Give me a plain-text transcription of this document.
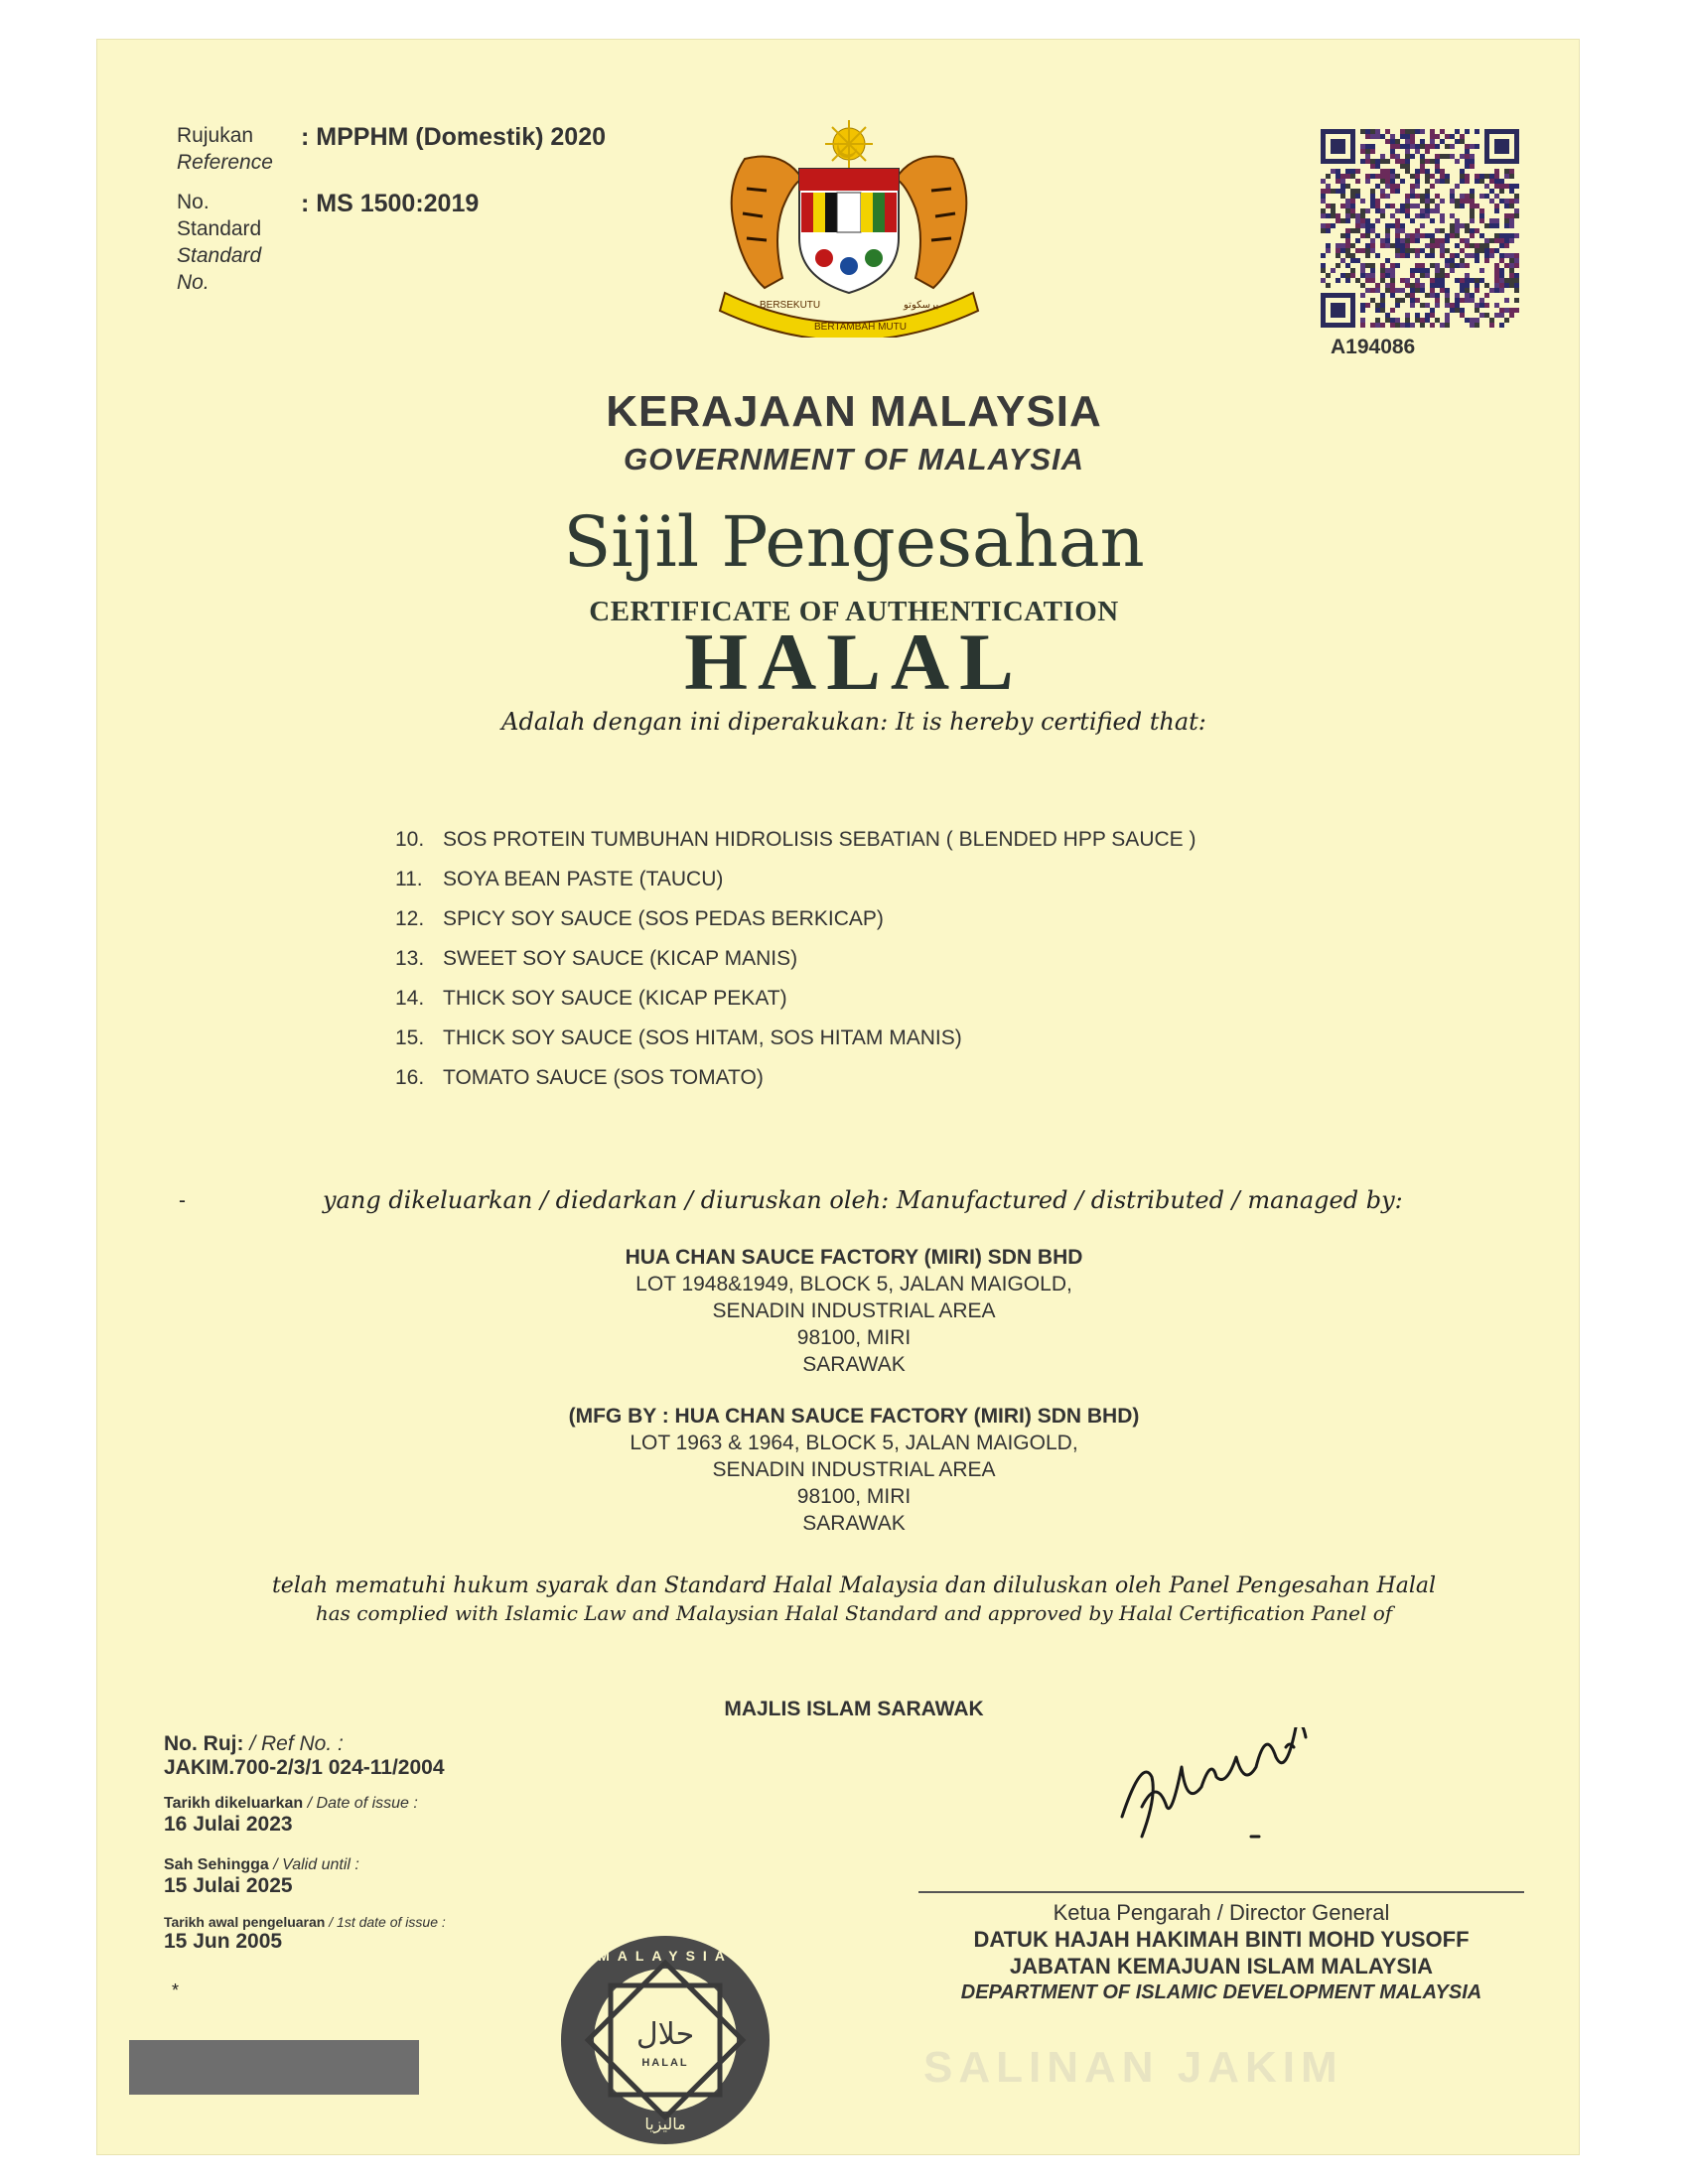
Rujukan
Reference
: MPPHM (Domestik) 2020
No.
Standard
Standard
No.
: MS 1500:2019
BERSEKUTU
BERTAMBAH MUTU
برسکوتو
A194086
KERAJAAN MALAYSIA
GOVERNMENT OF MALAYSIA
Sijil Pengesahan
CERTIFICATE OF AUTHENTICATION
HALAL
Adalah dengan ini diperakukan: It is hereby certified that:
10. SOS PROTEIN TUMBUHAN HIDROLISIS SEBATIAN ( BLENDED HPP SAUCE )
11. SOYA BEAN PASTE (TAUCU)
12. SPICY SOY SAUCE (SOS PEDAS BERKICAP)
13. SWEET SOY SAUCE (KICAP MANIS)
14. THICK SOY SAUCE (KICAP PEKAT)
15. THICK SOY SAUCE (SOS HITAM, SOS HITAM MANIS)
16. TOMATO SAUCE (SOS TOMATO)
-	yang dikeluarkan / diedarkan / diuruskan oleh: Manufactured / distributed / managed by:
HUA CHAN SAUCE FACTORY (MIRI) SDN BHD
LOT 1948&1949, BLOCK 5, JALAN MAIGOLD,
SENADIN INDUSTRIAL AREA
98100, MIRI
SARAWAK
(MFG BY : HUA CHAN SAUCE FACTORY (MIRI) SDN BHD)
LOT 1963 & 1964, BLOCK 5, JALAN MAIGOLD,
SENADIN INDUSTRIAL AREA
98100, MIRI
SARAWAK
telah mematuhi hukum syarak dan Standard Halal Malaysia dan diluluskan oleh Panel Pengesahan Halal
has complied with Islamic Law and Malaysian Halal Standard and approved by Halal Certification Panel of
MAJLIS ISLAM SARAWAK
No. Ruj: / Ref No. :
JAKIM.700-2/3/1 024-11/2004
Tarikh dikeluarkan / Date of issue :
16 Julai 2023
Sah Sehingga / Valid until :
15 Julai 2025
Tarikh awal pengeluaran / 1st date of issue :
15 Jun 2005
*
Ketua Pengarah / Director General
DATUK HAJAH HAKIMAH BINTI MOHD YUSOFF
JABATAN KEMAJUAN ISLAM MALAYSIA
DEPARTMENT OF ISLAMIC DEVELOPMENT MALAYSIA
حلال
HALAL
MALAYSIA
ماليزيا
SALINAN JAKIM
